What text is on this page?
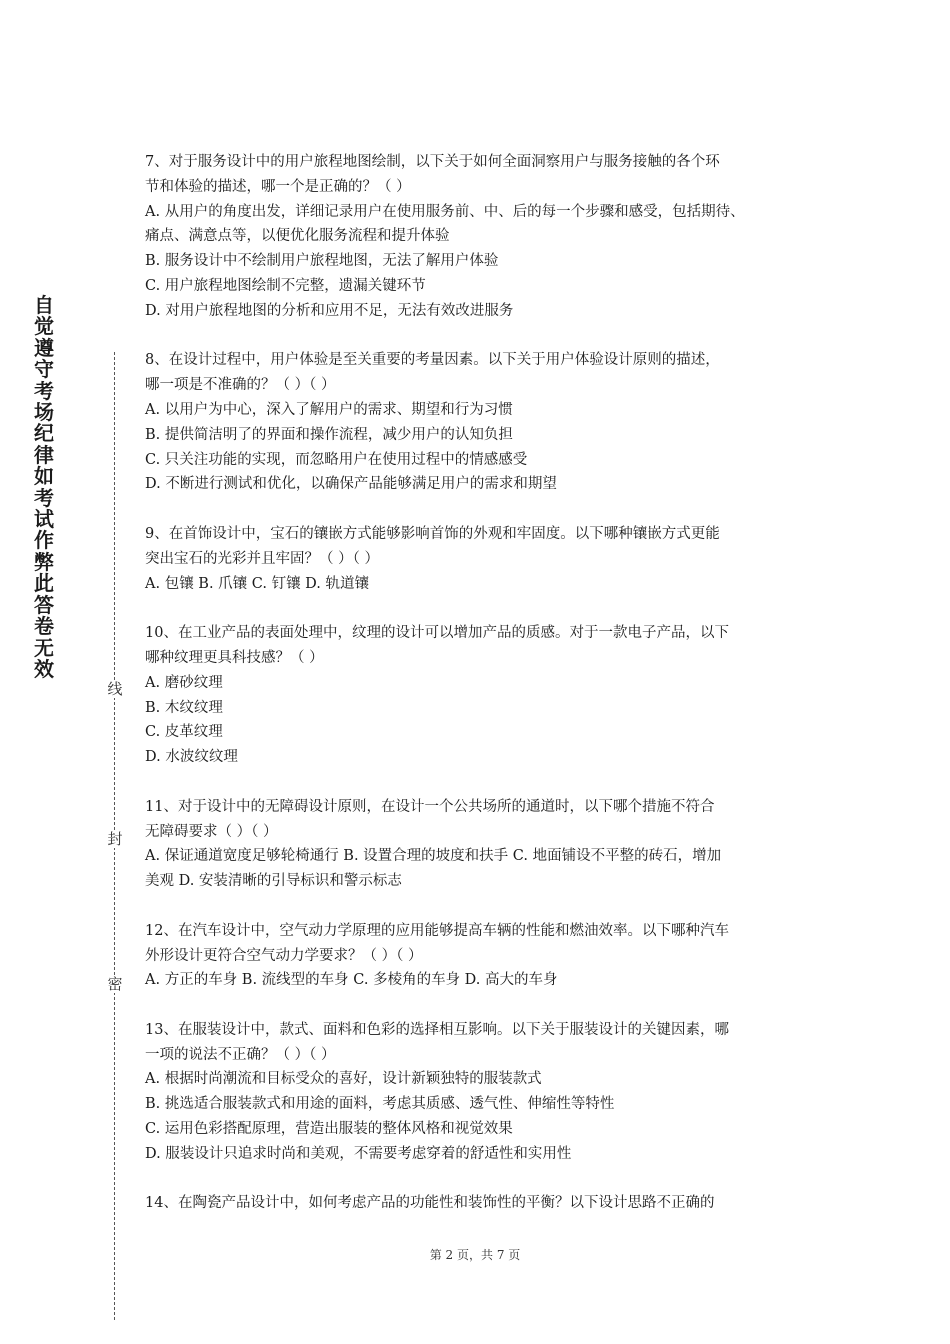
自觉遵守考场纪律如考试作弊此答卷无效
线
封
密

7、对于服务设计中的用户旅程地图绘制，以下关于如何全面洞察用户与服务接触的各个环

节和体验的描述，哪一个是正确的？（ ）

A. 从用户的角度出发，详细记录用户在使用服务前、中、后的每一个步骤和感受，包括期待、

痛点、满意点等，以便优化服务流程和提升体验

B. 服务设计中不绘制用户旅程地图，无法了解用户体验

C. 用户旅程地图绘制不完整，遗漏关键环节

D. 对用户旅程地图的分析和应用不足，无法有效改进服务

8、在设计过程中，用户体验是至关重要的考量因素。以下关于用户体验设计原则的描述，

哪一项是不准确的？（ ）（ ）

A. 以用户为中心，深入了解用户的需求、期望和行为习惯

B. 提供简洁明了的界面和操作流程，减少用户的认知负担

C. 只关注功能的实现，而忽略用户在使用过程中的情感感受

D. 不断进行测试和优化，以确保产品能够满足用户的需求和期望

9、在首饰设计中，宝石的镶嵌方式能够影响首饰的外观和牢固度。以下哪种镶嵌方式更能

突出宝石的光彩并且牢固？（ ）（ ）

A. 包镶 B. 爪镶 C. 钉镶 D. 轨道镶

10、在工业产品的表面处理中，纹理的设计可以增加产品的质感。对于一款电子产品，以下

哪种纹理更具科技感？（ ）

A. 磨砂纹理

B. 木纹纹理

C. 皮革纹理

D. 水波纹纹理

11、对于设计中的无障碍设计原则，在设计一个公共场所的通道时，以下哪个措施不符合

无障碍要求（ ）（ ）

A. 保证通道宽度足够轮椅通行 B. 设置合理的坡度和扶手 C. 地面铺设不平整的砖石，增加

美观 D. 安装清晰的引导标识和警示标志

12、在汽车设计中，空气动力学原理的应用能够提高车辆的性能和燃油效率。以下哪种汽车

外形设计更符合空气动力学要求？（ ）（ ）

A. 方正的车身 B. 流线型的车身 C. 多棱角的车身 D. 高大的车身

13、在服装设计中，款式、面料和色彩的选择相互影响。以下关于服装设计的关键因素，哪

一项的说法不正确？（ ）（ ）

A. 根据时尚潮流和目标受众的喜好，设计新颖独特的服装款式

B. 挑选适合服装款式和用途的面料，考虑其质感、透气性、伸缩性等特性

C. 运用色彩搭配原理，营造出服装的整体风格和视觉效果

D. 服装设计只追求时尚和美观，不需要考虑穿着的舒适性和实用性

14、在陶瓷产品设计中，如何考虑产品的功能性和装饰性的平衡？以下设计思路不正确的

第 2 页，共 7 页
